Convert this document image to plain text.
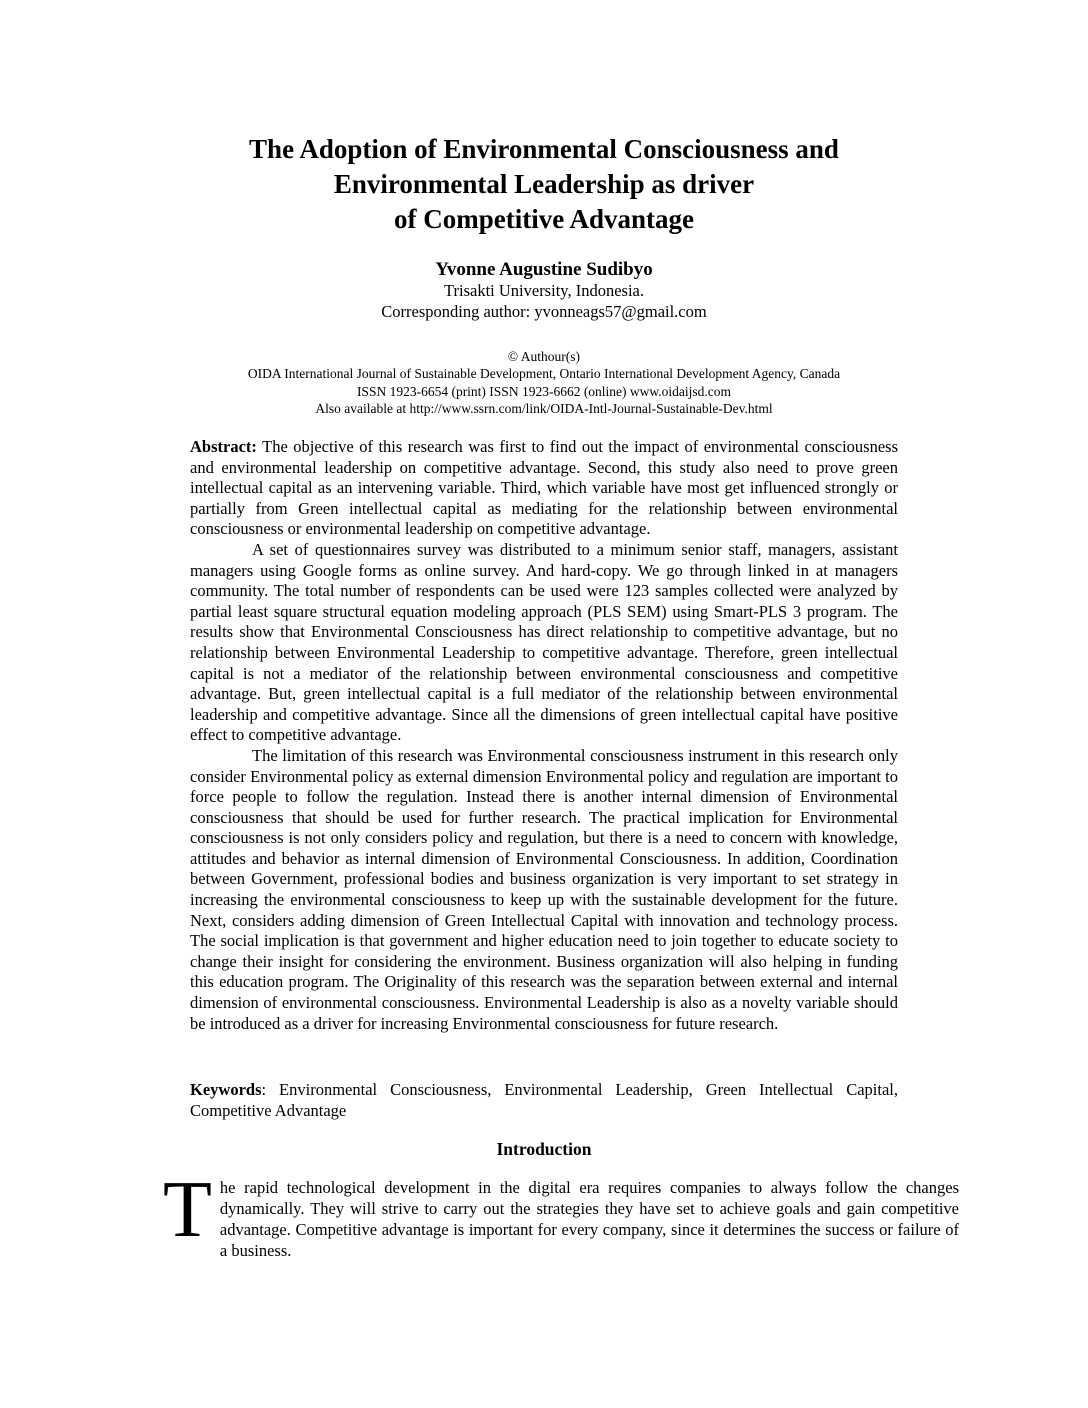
The Adoption of Environmental Consciousness and
Environmental Leadership as driver
of Competitive Advantage
Yvonne Augustine Sudibyo
Trisakti University, Indonesia.
Corresponding author: yvonneags57@gmail.com
© Authour(s)
OIDA International Journal of Sustainable Development, Ontario International Development Agency, Canada
ISSN 1923-6654 (print) ISSN 1923-6662 (online) www.oidaijsd.com
Also available at http://www.ssrn.com/link/OIDA-Intl-Journal-Sustainable-Dev.html

Abstract: The objective of this research was first to find out the impact of environmental consciousness and environmental leadership on competitive advantage. Second, this study also need to prove green intellectual capital as an intervening variable. Third, which variable have most get influenced strongly or partially from Green intellectual capital as mediating for the relationship between environmental consciousness or environmental leadership on competitive advantage.

A set of questionnaires survey was distributed to a minimum senior staff, managers, assistant managers using Google forms as online survey. And hard-copy. We go through linked in at managers community. The total number of respondents can be used were 123 samples collected were analyzed by partial least square structural equation modeling approach (PLS SEM) using Smart-PLS 3 program. The results show that Environmental Consciousness has direct relationship to competitive advantage, but no relationship between Environmental Leadership to competitive advantage. Therefore, green intellectual capital is not a mediator of the relationship between environmental consciousness and competitive advantage. But, green intellectual capital is a full mediator of the relationship between environmental leadership and competitive advantage. Since all the dimensions of green intellectual capital have positive effect to competitive advantage.

The limitation of this research was Environmental consciousness instrument in this research only consider Environmental policy as external dimension Environmental policy and regulation are important to force people to follow the regulation. Instead there is another internal dimension of Environmental consciousness that should be used for further research. The practical implication for Environmental consciousness is not only considers policy and regulation, but there is a need to concern with knowledge, attitudes and behavior as internal dimension of Environmental Consciousness. In addition, Coordination between Government, professional bodies and business organization is very important to set strategy in increasing the environmental consciousness to keep up with the sustainable development for the future. Next, considers adding dimension of Green Intellectual Capital with innovation and technology process. The social implication is that government and higher education need to join together to educate society to change their insight for considering the environment. Business organization will also helping in funding this education program. The Originality of this research was the separation between external and internal dimension of environmental consciousness. Environmental Leadership is also as a novelty variable should be introduced as a driver for increasing Environmental consciousness for future research.

Keywords: Environmental Consciousness, Environmental Leadership, Green Intellectual Capital, Competitive Advantage
Introduction
The rapid technological development in the digital era requires companies to always follow the changes dynamically. They will strive to carry out the strategies they have set to achieve goals and gain competitive advantage. Competitive advantage is important for every company, since it determines the success or failure of a business.
